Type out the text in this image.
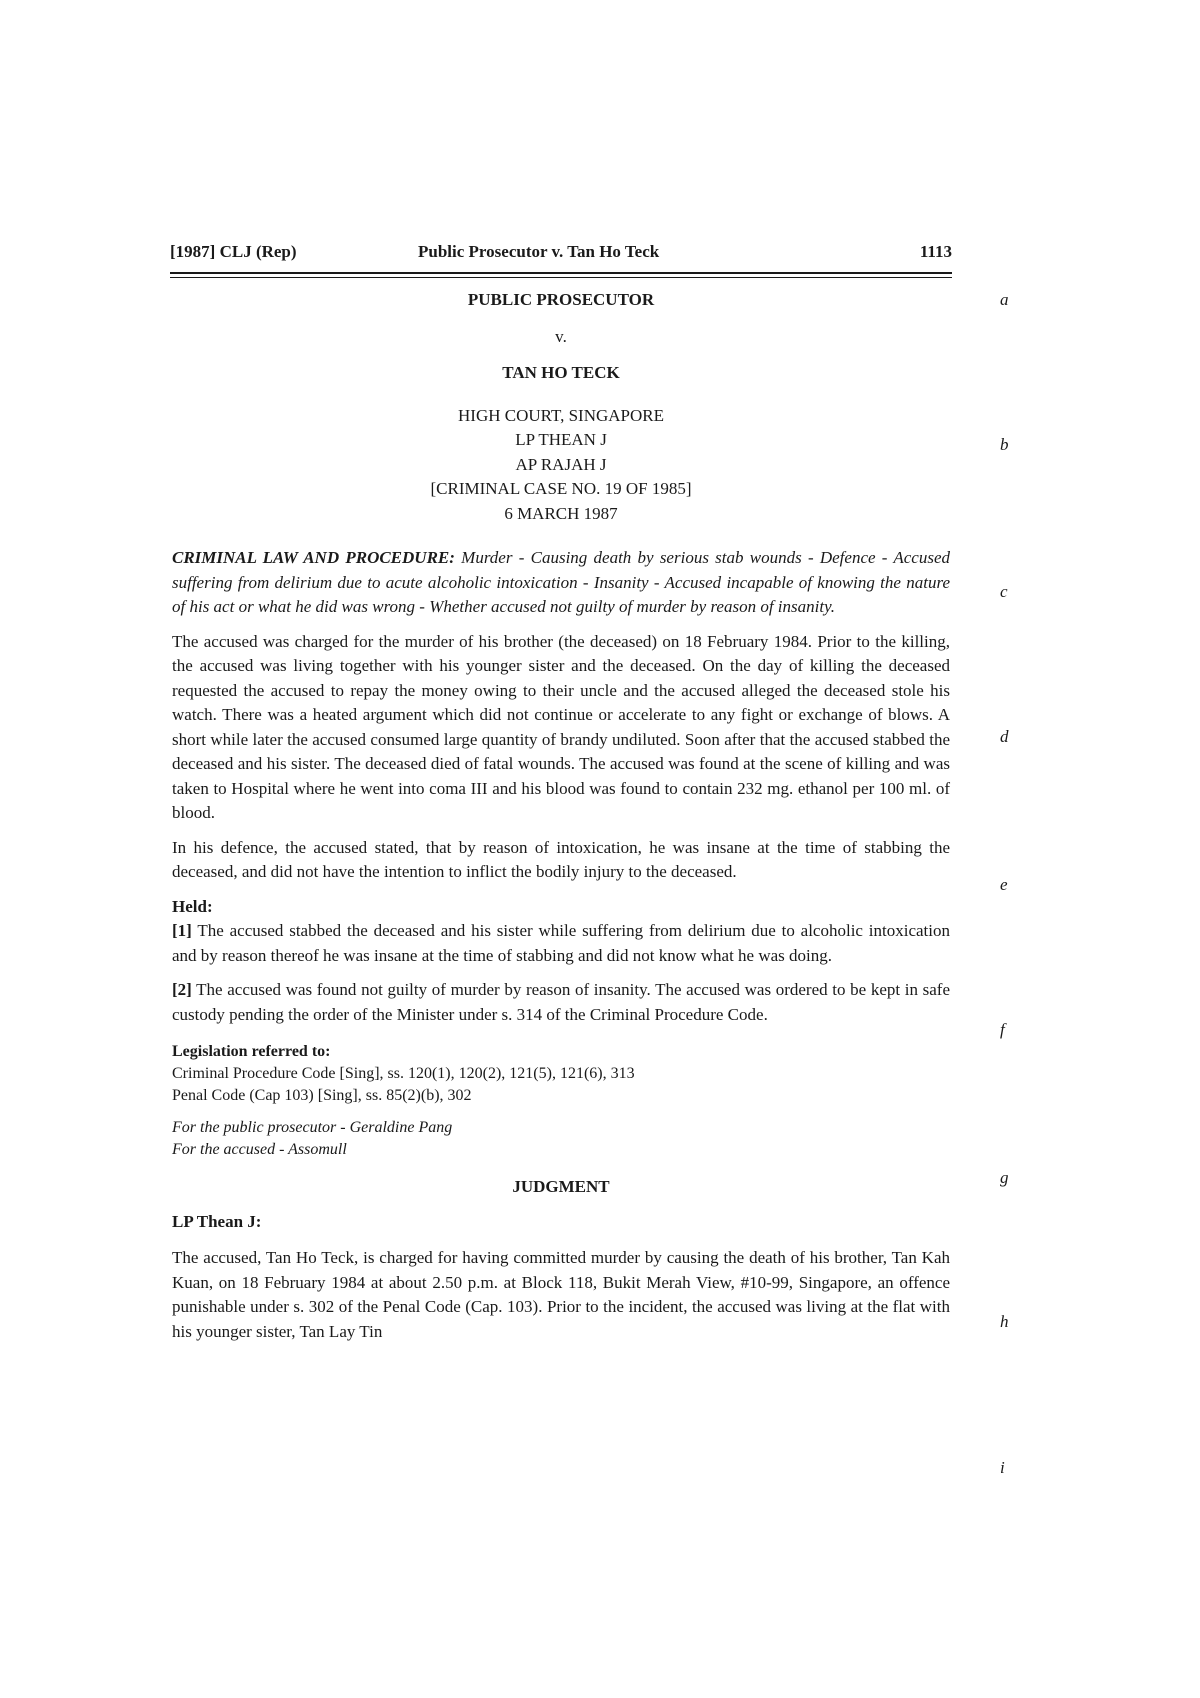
[1987] CLJ (Rep)	Public Prosecutor v. Tan Ho Teck	1113
PUBLIC PROSECUTOR
v.
TAN HO TECK
HIGH COURT, SINGAPORE
LP THEAN J
AP RAJAH J
[CRIMINAL CASE NO. 19 OF 1985]
6 MARCH 1987

CRIMINAL LAW AND PROCEDURE: Murder - Causing death by serious stab wounds - Defence - Accused suffering from delirium due to acute alcoholic intoxication - Insanity - Accused incapable of knowing the nature of his act or what he did was wrong - Whether accused not guilty of murder by reason of insanity.

The accused was charged for the murder of his brother (the deceased) on 18 February 1984. Prior to the killing, the accused was living together with his younger sister and the deceased. On the day of killing the deceased requested the accused to repay the money owing to their uncle and the accused alleged the deceased stole his watch. There was a heated argument which did not continue or accelerate to any fight or exchange of blows. A short while later the accused consumed large quantity of brandy undiluted. Soon after that the accused stabbed the deceased and his sister. The deceased died of fatal wounds. The accused was found at the scene of killing and was taken to Hospital where he went into coma III and his blood was found to contain 232 mg. ethanol per 100 ml. of blood.

In his defence, the accused stated, that by reason of intoxication, he was insane at the time of stabbing the deceased, and did not have the intention to inflict the bodily injury to the deceased.

Held:

[1] The accused stabbed the deceased and his sister while suffering from delirium due to alcoholic intoxication and by reason thereof he was insane at the time of stabbing and did not know what he was doing.

[2] The accused was found not guilty of murder by reason of insanity. The accused was ordered to be kept in safe custody pending the order of the Minister under s. 314 of the Criminal Procedure Code.

Legislation referred to:
Criminal Procedure Code [Sing], ss. 120(1), 120(2), 121(5), 121(6), 313
Penal Code (Cap 103) [Sing], ss. 85(2)(b), 302
For the public prosecutor - Geraldine Pang
For the accused - Assomull
JUDGMENT
LP Thean J:

The accused, Tan Ho Teck, is charged for having committed murder by causing the death of his brother, Tan Kah Kuan, on 18 February 1984 at about 2.50 p.m. at Block 118, Bukit Merah View, #10-99, Singapore, an offence punishable under s. 302 of the Penal Code (Cap. 103). Prior to the incident, the accused was living at the flat with his younger sister, Tan Lay Tin

a
b
c
d
e
f
g
h
i
